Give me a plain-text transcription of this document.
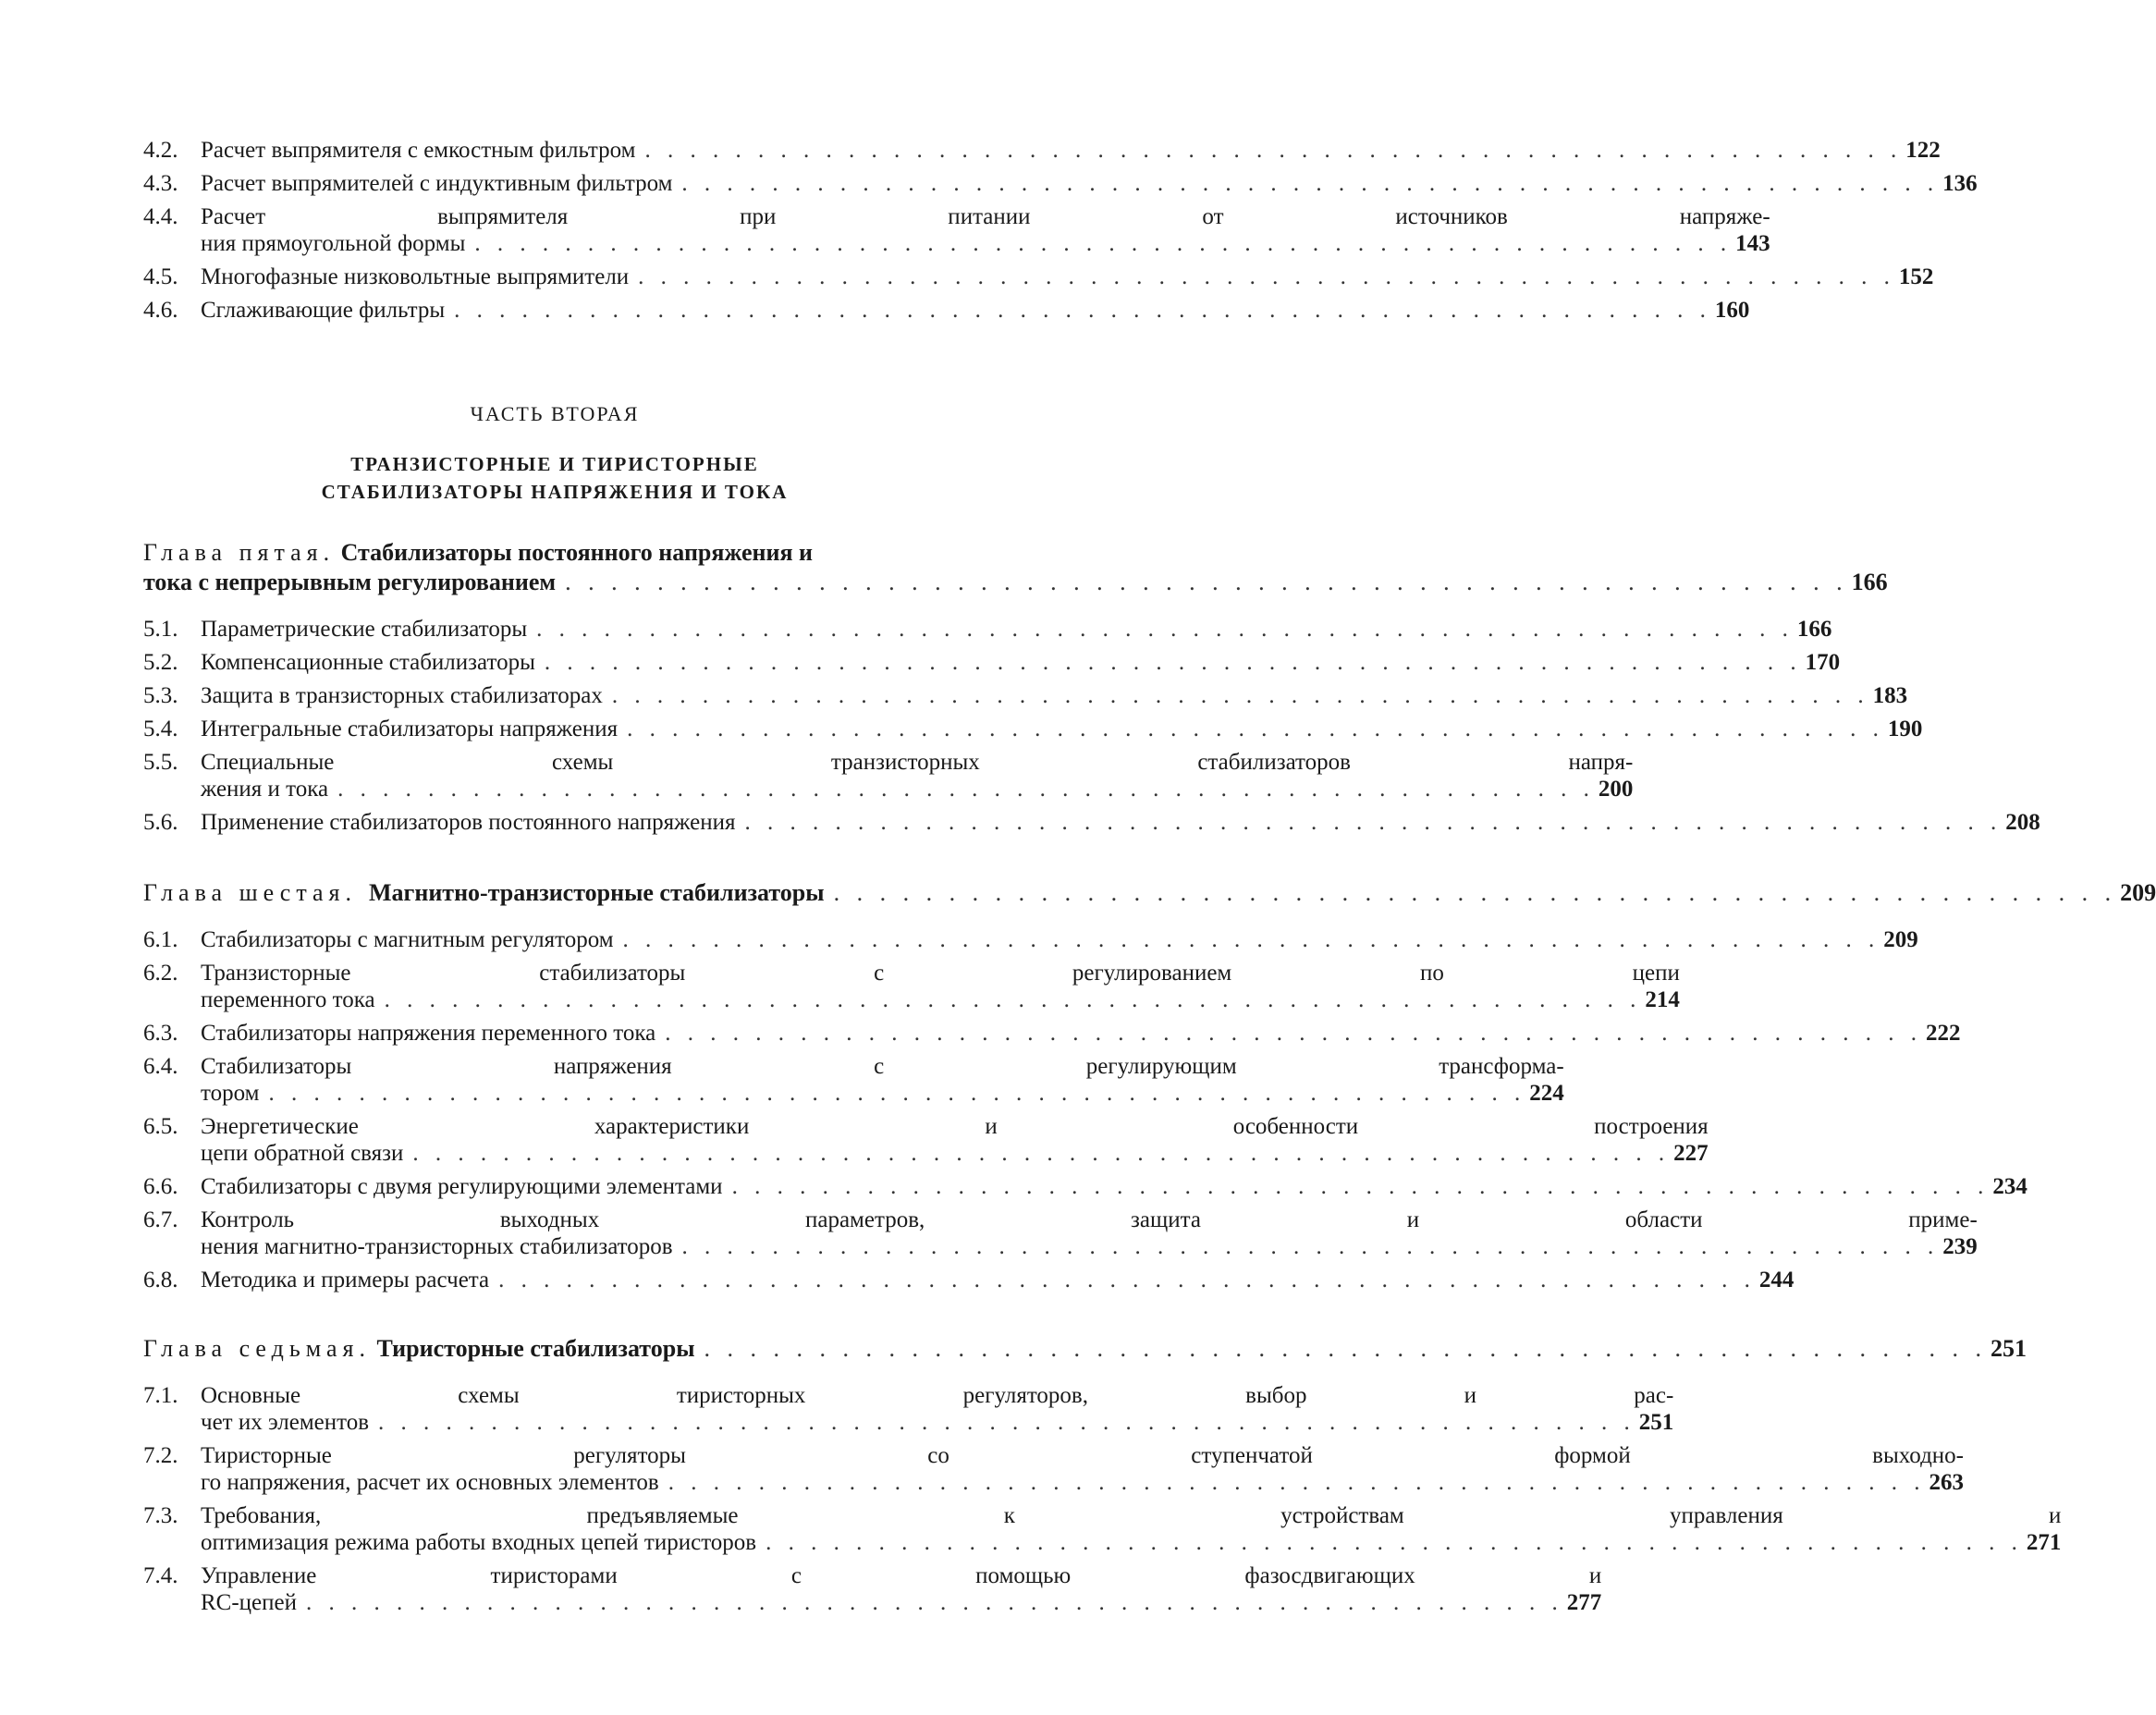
4.2. Расчет выпрямителя с емкостным фильтром . . .	122
4.3. Расчет выпрямителей с индуктивным фильтром . . .	136
4.4. Расчет выпрямителя при питании от источников напряже-
ния прямоугольной формы . . .	143
4.5. Многофазные низковольтные выпрямители . . .	152
4.6. Сглаживающие фильтры . . .	160
ЧАСТЬ ВТОРАЯ
ТРАНЗИСТОРНЫЕ И ТИРИСТОРНЫЕ
СТАБИЛИЗАТОРЫ НАПРЯЖЕНИЯ И ТОКА
Глава пятая.
Стабилизаторы постоянного напряжения и
тока с непрерывным регулированием . . .	166
5.1. Параметрические стабилизаторы . . .	166
5.2. Компенсационные стабилизаторы . . .	170
5.3. Защита в транзисторных стабилизаторах . . .	183
5.4. Интегральные стабилизаторы напряжения . . .	190
5.5. Специальные схемы транзисторных стабилизаторов напря-
жения и тока . . .	200
5.6. Применение стабилизаторов постоянного напряжения . . .	208
Глава шестая.
Магнитно-транзисторные стабилизаторы . . .	209
6.1. Стабилизаторы с магнитным регулятором . . .	209
6.2. Транзисторные стабилизаторы с регулированием по цепи
переменного тока . . .	214
6.3. Стабилизаторы напряжения переменного тока . . .	222
6.4. Стабилизаторы напряжения с регулирующим трансформа-
тором . . .	224
6.5. Энергетические характеристики и особенности построения
цепи обратной связи . . .	227
6.6. Стабилизаторы с двумя регулирующими элементами . . .	234
6.7. Контроль выходных параметров, защита и области приме-
нения магнитно-транзисторных стабилизаторов . . .	239
6.8. Методика и примеры расчета . . .	244
Глава седьмая.
Тиристорные стабилизаторы . . .	251
7.1. Основные схемы тиристорных регуляторов, выбор и рас-
чет их элементов . . .	251
7.2. Тиристорные регуляторы со ступенчатой формой выходно-
го напряжения, расчет их основных элементов . . .	263
7.3. Требования, предъявляемые к устройствам управления и
оптимизация режима работы входных цепей тиристоров . . .	271
7.4. Управление тиристорами с помощью фазосдвигающих и
RC-цепей . . .	277
